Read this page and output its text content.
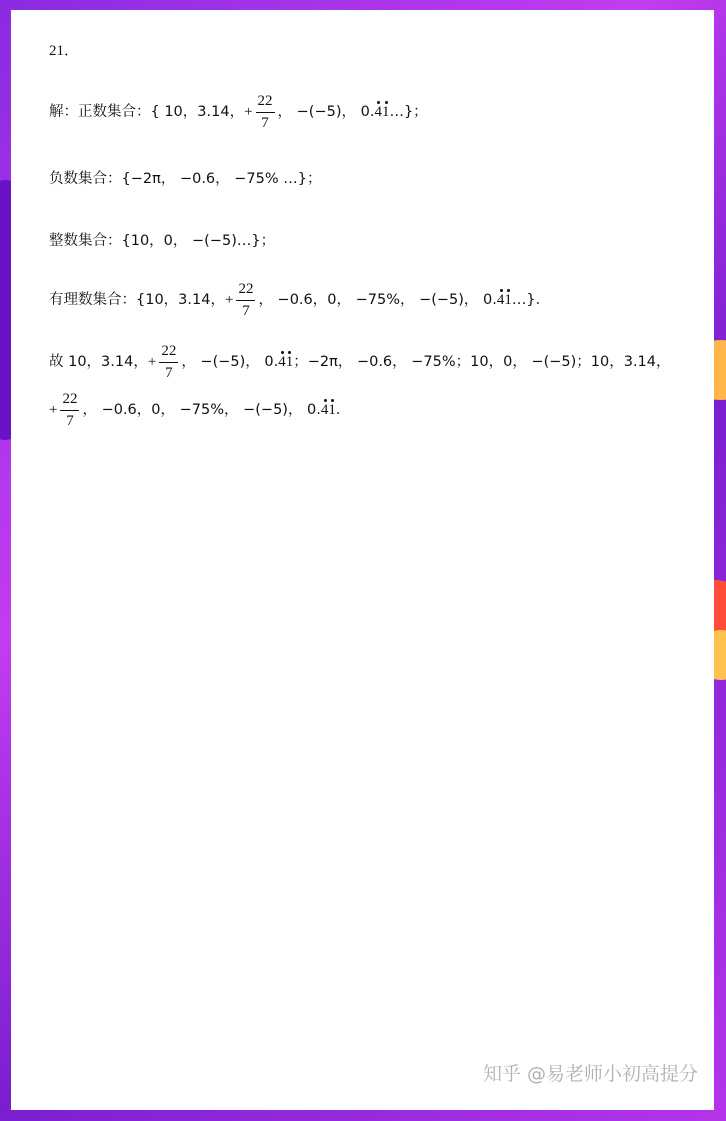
21．
解：正数集合：{ 10，3.14， + $\frac{22}{7}$ ， −(−5)， 0. 4 1 …}；
负数集合：{−2π， −0.6， −75% …}；
整数集合：{10，0， −(−5)…}；
有理数集合：{10，3.14， + $\frac{22}{7}$ ， −0.6，0， −75%， −(−5)， 0. 4 1 …}．
故 10，3.14， + $\frac{22}{7}$ ， −(−5)， 0. 4 1 ；−2π， −0.6， −75%；10，0， −(−5)；10，3.14，
+ $\frac{22}{7}$ ， −0.6，0， −75%， −(−5)， 0. 4 1 ．
知乎 @易老师小初高提分
